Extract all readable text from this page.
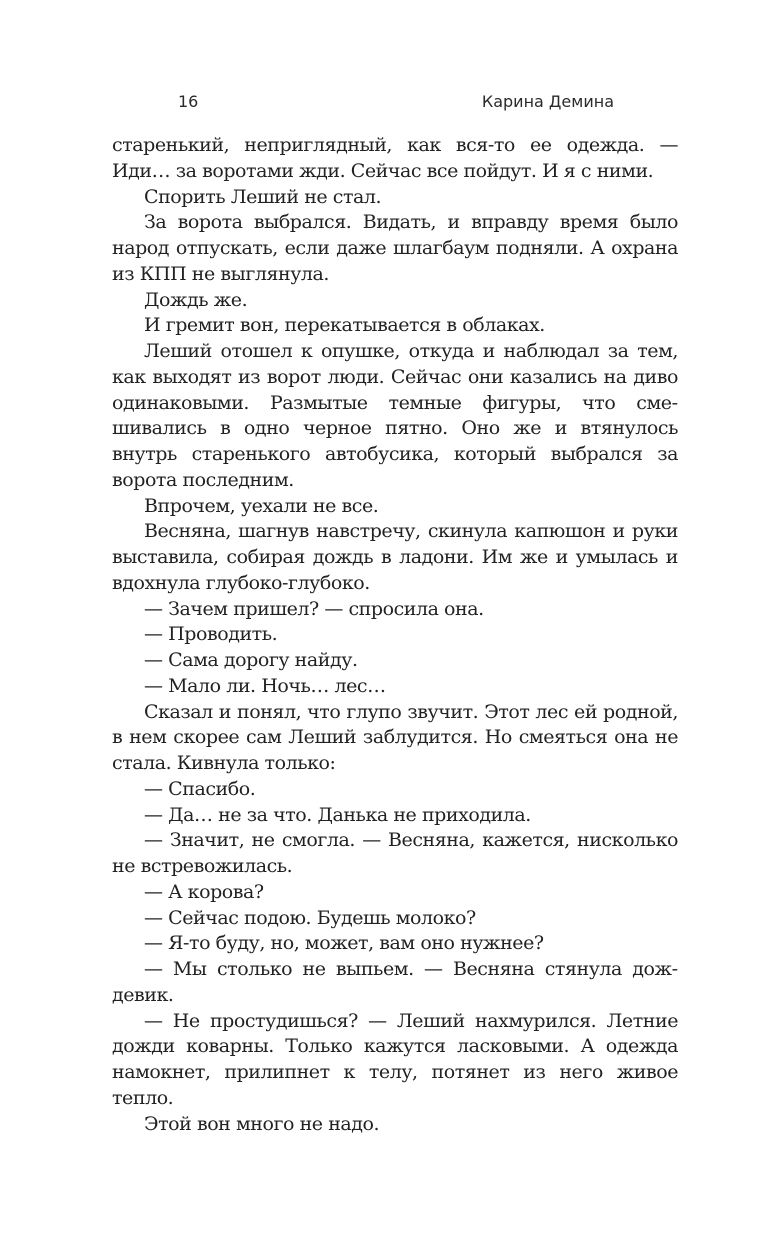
16	Карина Демина

старенький, неприглядный, как вся-то ее одежда. — Иди… за воротами жди. Сейчас все пойдут. И я с ними.

Спорить Леший не стал.

За ворота выбрался. Видать, и вправду время было народ отпускать, если даже шлагбаум подняли. А охрана из КПП не выглянула.

Дождь же.

И гремит вон, перекатывается в облаках.

Леший отошел к опушке, откуда и наблюдал за тем, как выходят из ворот люди. Сейчас они казались на диво одинаковыми. Размытые темные фигуры, что смешивались в одно черное пятно. Оно же и втянулось внутрь старенького автобусика, который выбрался за ворота последним.

Впрочем, уехали не все.

Весняна, шагнув навстречу, скинула капюшон и руки выставила, собирая дождь в ладони. Им же и умылась и вдохнула глубоко-глубоко.

— Зачем пришел? — спросила она.

— Проводить.

— Сама дорогу найду.

— Мало ли. Ночь… лес…

Сказал и понял, что глупо звучит. Этот лес ей родной, в нем скорее сам Леший заблудится. Но смеяться она не стала. Кивнула только:

— Спасибо.

— Да… не за что. Данька не приходила.

— Значит, не смогла. — Весняна, кажется, нисколько не встревожилась.

— А корова?

— Сейчас подою. Будешь молоко?

— Я-то буду, но, может, вам оно нужнее?

— Мы столько не выпьем. — Весняна стянула дождевик.

— Не простудишься? — Леший нахмурился. Летние дожди коварны. Только кажутся ласковыми. А одежда намокнет, прилипнет к телу, потянет из него живое тепло.

Этой вон много не надо.
